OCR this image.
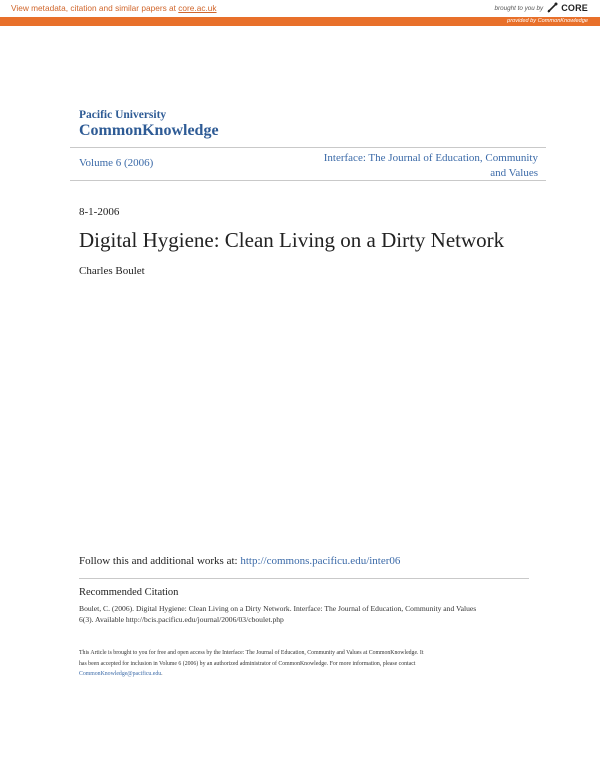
View metadata, citation and similar papers at core.ac.uk	brought to you by CORE
provided by CommonKnowledge
Pacific University
CommonKnowledge
Volume 6 (2006)	Interface: The Journal of Education, Community
and Values
8-1-2006
Digital Hygiene: Clean Living on a Dirty Network
Charles Boulet
Follow this and additional works at: http://commons.pacificu.edu/inter06
Recommended Citation
Boulet, C. (2006). Digital Hygiene: Clean Living on a Dirty Network. Interface: The Journal of Education, Community and Values
6(3). Available http://bcis.pacificu.edu/journal/2006/03/cboulet.php
This Article is brought to you for free and open access by the Interface: The Journal of Education, Community and Values at CommonKnowledge. It
has been accepted for inclusion in Volume 6 (2006) by an authorized administrator of CommonKnowledge. For more information, please contact
CommonKnowledge@pacificu.edu.
